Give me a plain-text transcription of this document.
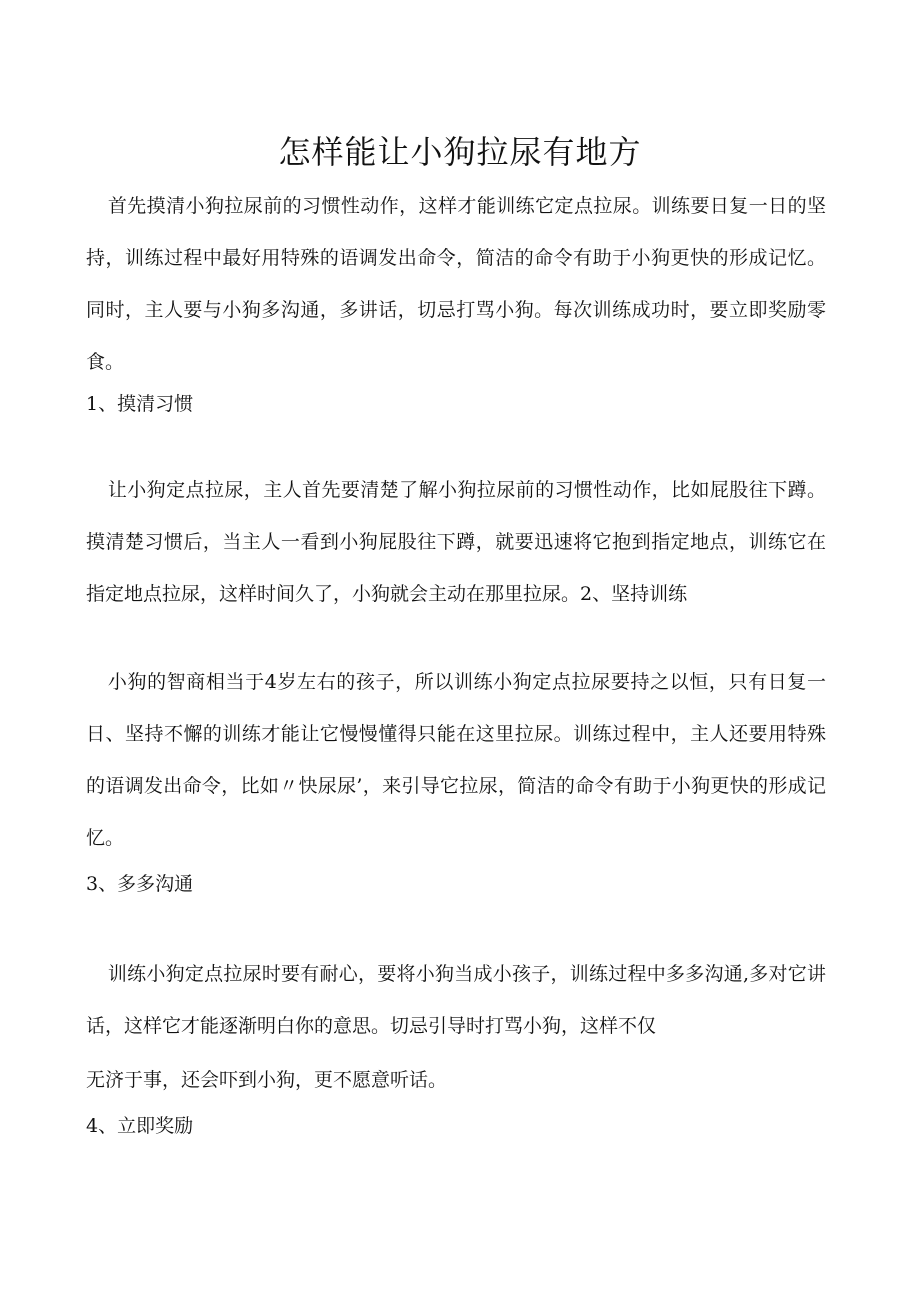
怎样能让小狗拉尿有地方
首先摸清小狗拉尿前的习惯性动作，这样才能训练它定点拉尿。训练要日复一日的坚持，训练过程中最好用特殊的语调发出命令，简洁的命令有助于小狗更快的形成记忆。同时，主人要与小狗多沟通，多讲话，切忌打骂小狗。每次训练成功时，要立即奖励零食。
1、摸清习惯
让小狗定点拉尿，主人首先要清楚了解小狗拉尿前的习惯性动作，比如屁股往下蹲。摸清楚习惯后，当主人一看到小狗屁股往下蹲，就要迅速将它抱到指定地点，训练它在指定地点拉尿，这样时间久了，小狗就会主动在那里拉尿。2、坚持训练
小狗的智商相当于4岁左右的孩子，所以训练小狗定点拉尿要持之以恒，只有日复一日、坚持不懈的训练才能让它慢慢懂得只能在这里拉尿。训练过程中，主人还要用特殊的语调发出命令，比如〃快尿尿’，来引导它拉尿，简洁的命令有助于小狗更快的形成记忆。
3、多多沟通
训练小狗定点拉尿时要有耐心，要将小狗当成小孩子，训练过程中多多沟通,多对它讲话，这样它才能逐渐明白你的意思。切忌引导时打骂小狗，这样不仅
无济于事，还会吓到小狗，更不愿意听话。
4、立即奖励
